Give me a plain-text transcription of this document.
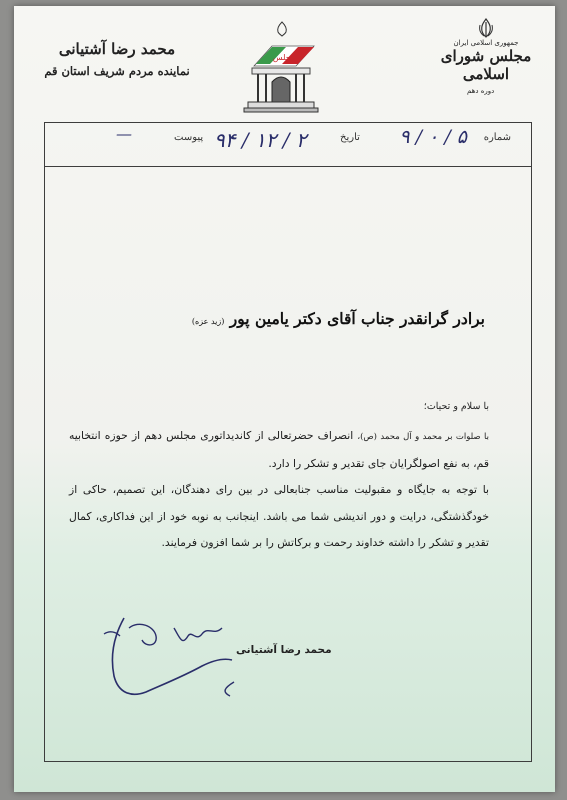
جمهوری اسلامی ایران
مجلس شورای اسلامی
دوره دهم
مجلس
محمد رضا آشتیانی
نماینده مردم شریف استان قم
شماره
۹ / ۰ / ۵
تاریخ
۹۴ / ۱۲ / ۲
پیوست
—
برادر گرانقدر جناب آقای دکتر یامین پور (زید عزه)
با سلام و تحیات؛

با صلوات بر محمد و آل محمد (ص)، انصراف حضرتعالی از کاندیداتوری مجلس دهم از حوزه انتخابیه قم، به نفع اصولگرایان جای تقدیر و تشکر را دارد.

با توجه به جایگاه و مقبولیت مناسب جنابعالی در بین رای دهندگان، این تصمیم، حاکی از خودگذشتگی، درایت و دور اندیشی شما می باشد. اینجانب به نوبه خود از این فداکاری، کمال تقدیر و تشکر را داشته خداوند رحمت و برکاتش را بر شما افزون فرمایند.

محمد رضا آشتیانی
